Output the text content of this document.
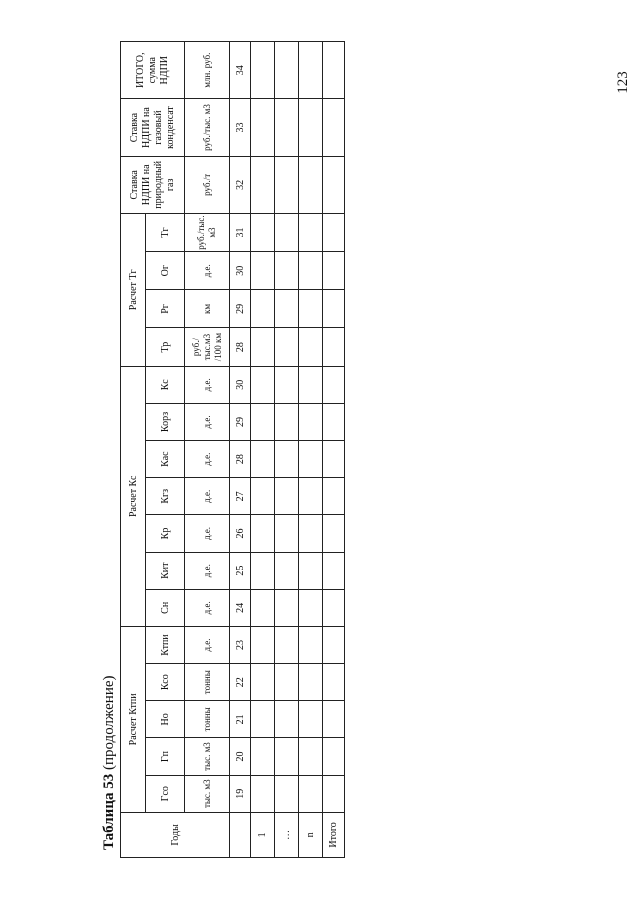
123
Таблица 53 (продолжение)
Годы	Расчет Ктпи					Расчет Кс							Расчет Тг				Ставка НДПИ на природный газ	Ставка НДПИ на газовый конденсат	ИТОГО, сумма НДПИ
	Гсо	Гп	Но	Ксо	Ктпи	Сн	Кит	Кр	Кгз	Кас	Корз	Кс	Тр	Рг	Ог	Тг			
	тыс. м3	тыс. м3	тонны	тонны	д.е.	д.е.	д.е.	д.е.	д.е.	д.е.	д.е.	д.е.	руб./тыс.м3 /100 км	км	д.е.	руб./тыс. м3	руб./т	руб./тыс. м3	млн. руб.
	19	20	21	22	23	24	25	26	27	28	29	30	28	29	30	31	32	33	34
1																			
…																			
n																			
Итого																			
